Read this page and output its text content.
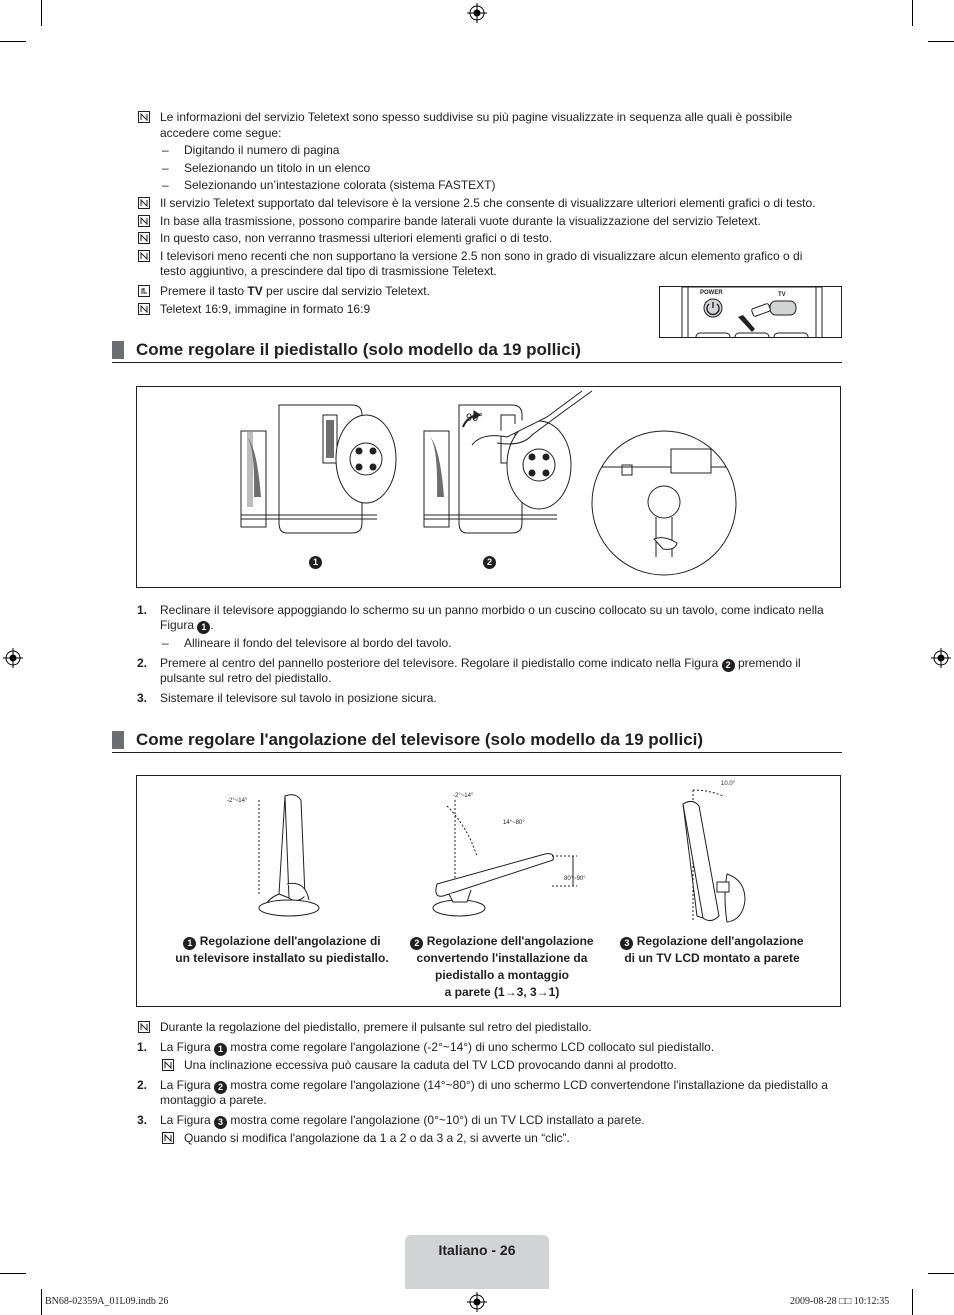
Le informazioni del servizio Teletext sono spesso suddivise su più pagine visualizzate in sequenza alle quali è possibile
accedere come segue:
– Digitando il numero di pagina
– Selezionando un titolo in un elenco
– Selezionando un’intestazione colorata (sistema FASTEXT)
Il servizio Teletext supportato dal televisore è la versione 2.5 che consente di visualizzare ulteriori elementi grafici o di testo.
In base alla trasmissione, possono comparire bande laterali vuote durante la visualizzazione del servizio Teletext.
In questo caso, non verranno trasmessi ulteriori elementi grafici o di testo.
I televisori meno recenti che non supportano la versione 2.5 non sono in grado di visualizzare alcun elemento grafico o di
testo aggiuntivo, a prescindere dal tipo di trasmissione Teletext.
Premere il tasto TV per uscire dal servizio Teletext.
Teletext 16:9, immagine in formato 16:9
POWER	TV
Come regolare il piedistallo (solo modello da 19 pollici)
90°
1	2
1. Reclinare il televisore appoggiando lo schermo su un panno morbido o un cuscino collocato su un tavolo, come indicato nella
Figura 1 .
– Allineare il fondo del televisore al bordo del tavolo.
2. Premere al centro del pannello posteriore del televisore. Regolare il piedistallo come indicato nella Figura 2 premendo il
pulsante sul retro del piedistallo.
3. Sistemare il televisore sul tavolo in posizione sicura.
Come regolare l'angolazione del televisore (solo modello da 19 pollici)
-2°~14°
-2°~14°
14°~80°
80°~90°
10.0°
1 Regolazione dell'angolazione di
un televisore installato su piedistallo.
2 Regolazione dell'angolazione
convertendo l'installazione da
piedistallo a montaggio
a parete (1→3, 3→1)
3 Regolazione dell'angolazione
di un TV LCD montato a parete
Durante la regolazione del piedistallo, premere il pulsante sul retro del piedistallo.
1. La Figura 1 mostra come regolare l'angolazione (-2°~14°) di uno schermo LCD collocato sul piedistallo.
Una inclinazione eccessiva può causare la caduta del TV LCD provocando danni al prodotto.
2. La Figura 2 mostra come regolare l'angolazione (14°~80°) di uno schermo LCD convertendone l'installazione da piedistallo a
montaggio a parete.
3. La Figura 3 mostra come regolare l'angolazione (0°~10°) di un TV LCD installato a parete.
Quando si modifica l'angolazione da 1 a 2 o da 3 a 2, si avverte un “clic”.
Italiano - 26
BN68-02359A_01L09.indb 26	2009-08-28 □□ 10:12:35
